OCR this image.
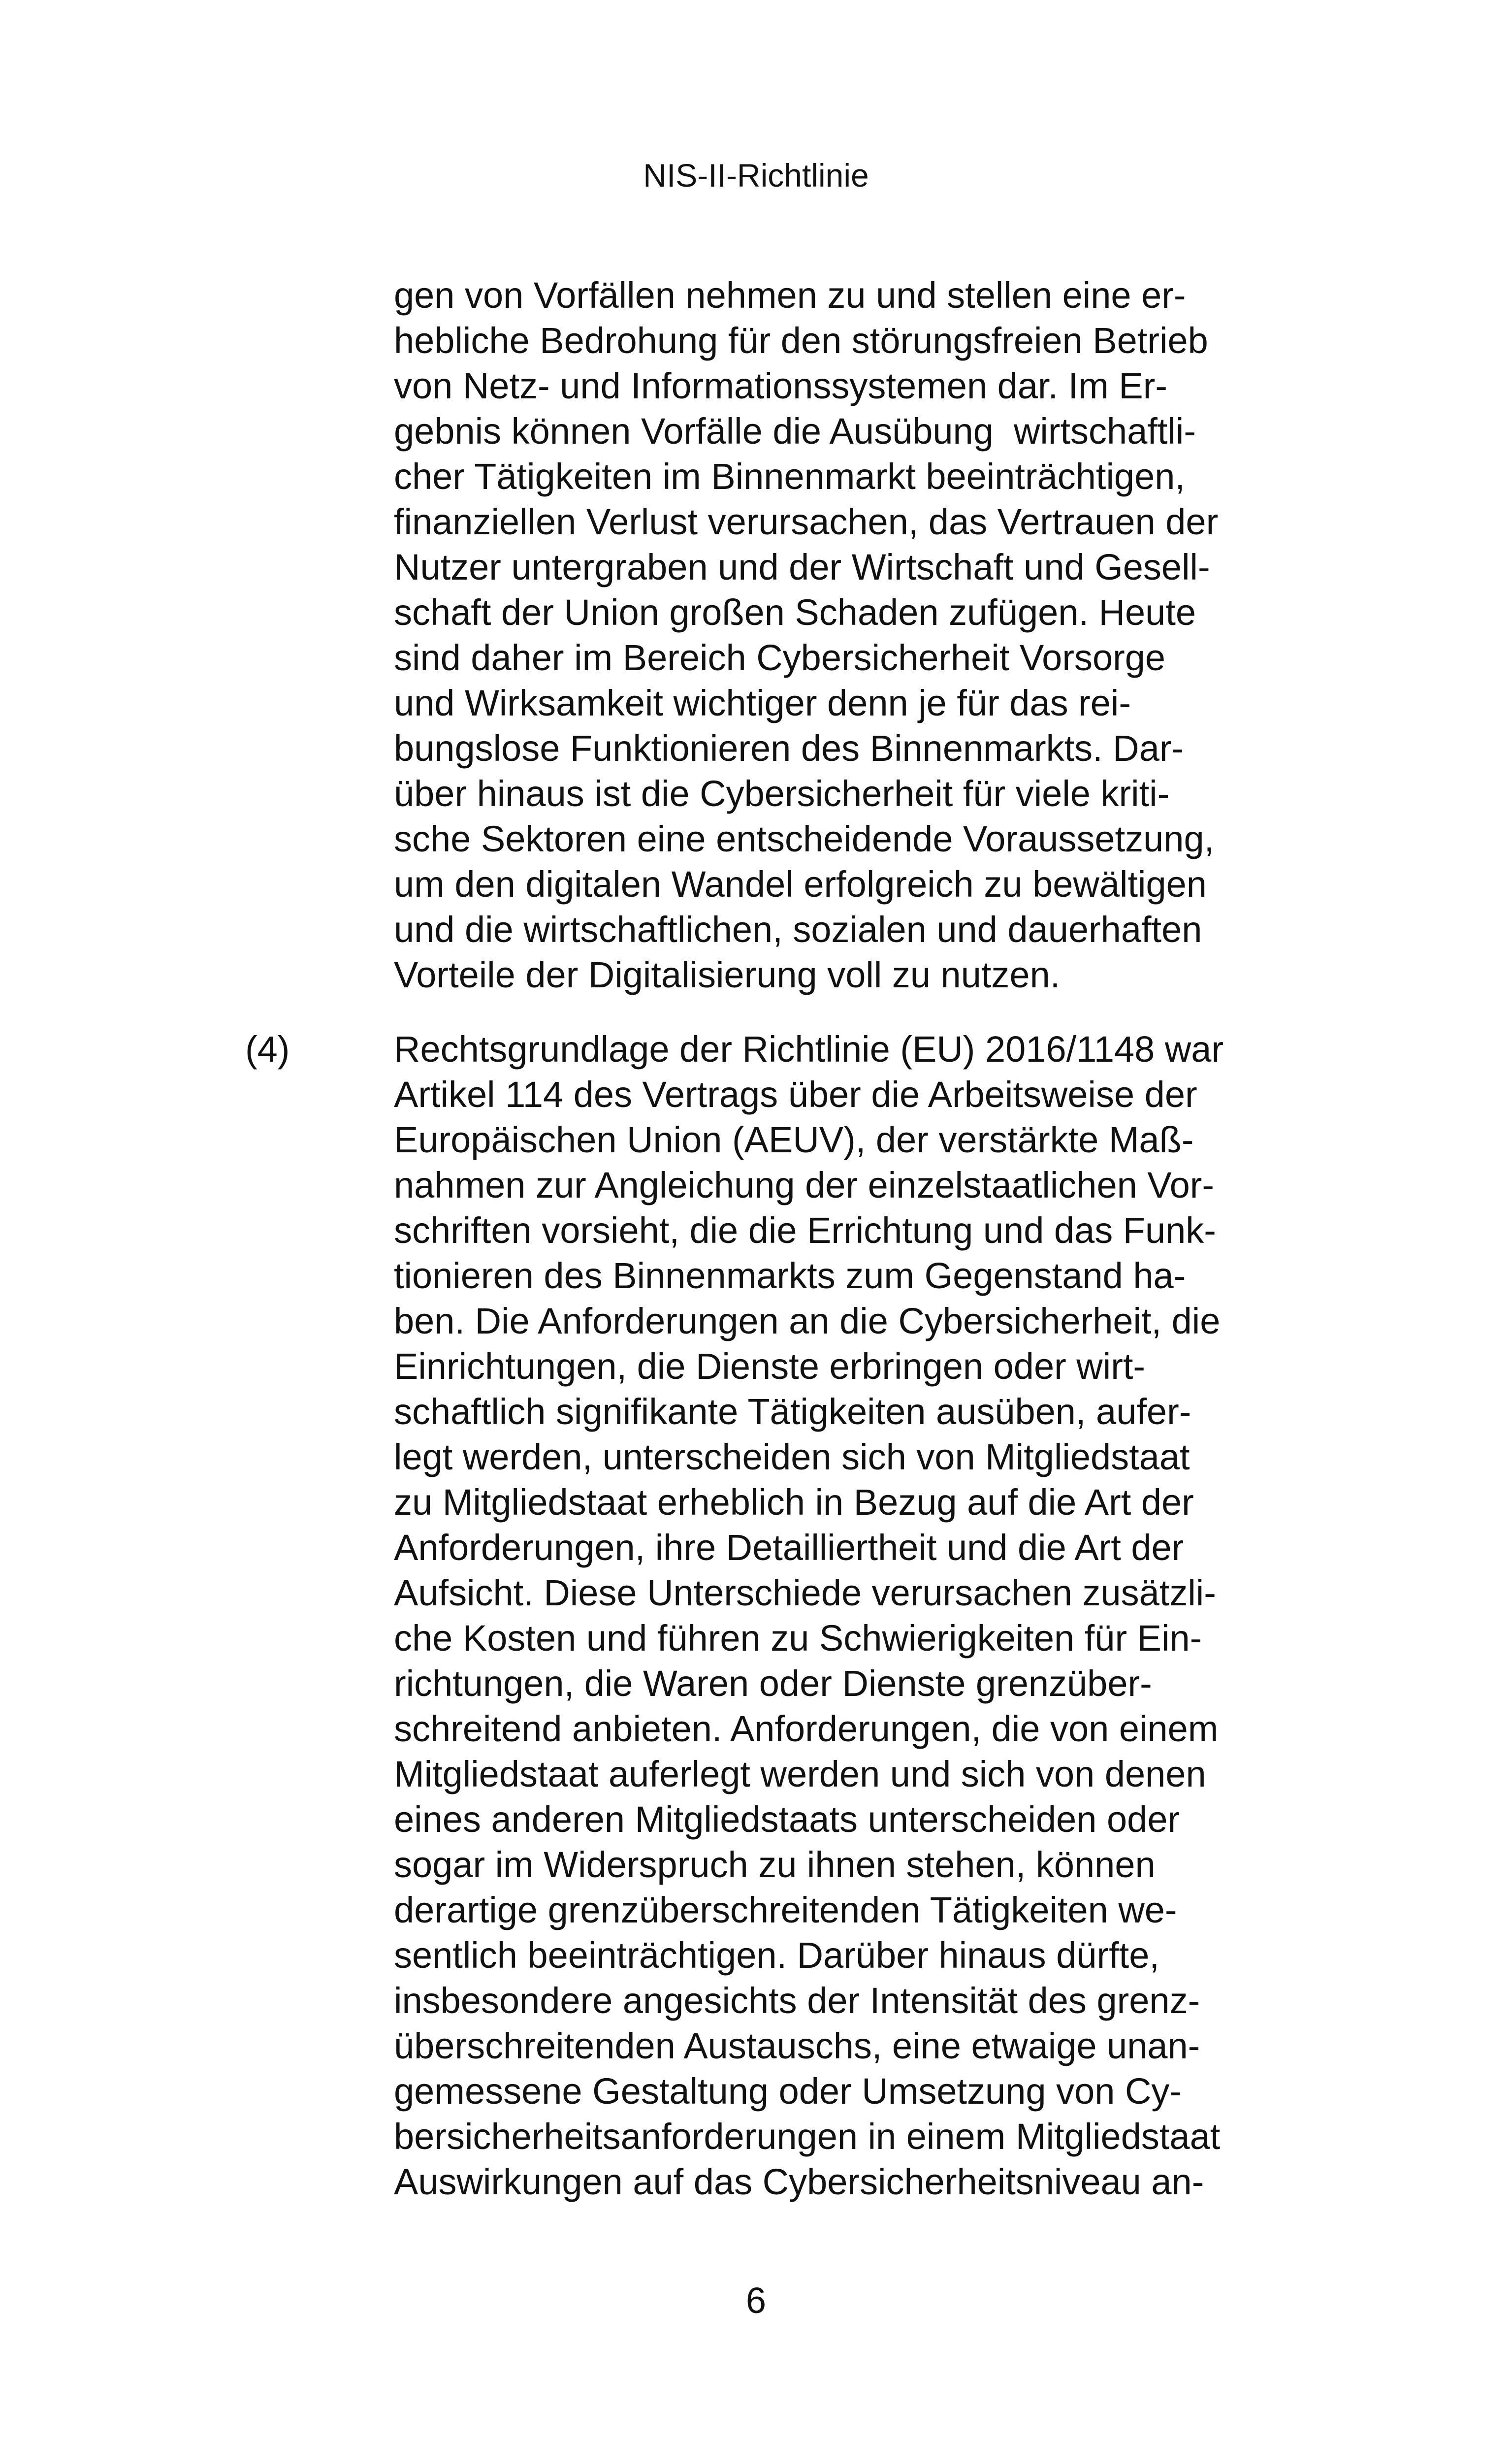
NIS-II-Richtlinie
gen von Vorfällen nehmen zu und stellen eine er-
hebliche Bedrohung für den störungsfreien Betrieb
von Netz- und Informationssystemen dar. Im Er-
gebnis können Vorfälle die Ausübung  wirtschaftli-
cher Tätigkeiten im Binnenmarkt beeinträchtigen,
finanziellen Verlust verursachen, das Vertrauen der
Nutzer untergraben und der Wirtschaft und Gesell-
schaft der Union großen Schaden zufügen. Heute
sind daher im Bereich Cybersicherheit Vorsorge
und Wirksamkeit wichtiger denn je für das rei-
bungslose Funktionieren des Binnenmarkts. Dar-
über hinaus ist die Cybersicherheit für viele kriti-
sche Sektoren eine entscheidende Voraussetzung,
um den digitalen Wandel erfolgreich zu bewältigen
und die wirtschaftlichen, sozialen und dauerhaften
Vorteile der Digitalisierung voll zu nutzen.
(4)	Rechtsgrundlage der Richtlinie (EU) 2016/1148 war
Artikel 114 des Vertrags über die Arbeitsweise der
Europäischen Union (AEUV), der verstärkte Maß-
nahmen zur Angleichung der einzelstaatlichen Vor-
schriften vorsieht, die die Errichtung und das Funk-
tionieren des Binnenmarkts zum Gegenstand ha-
ben. Die Anforderungen an die Cybersicherheit, die
Einrichtungen, die Dienste erbringen oder wirt-
schaftlich signifikante Tätigkeiten ausüben, aufer-
legt werden, unterscheiden sich von Mitgliedstaat
zu Mitgliedstaat erheblich in Bezug auf die Art der
Anforderungen, ihre Detailliertheit und die Art der
Aufsicht. Diese Unterschiede verursachen zusätzli-
che Kosten und führen zu Schwierigkeiten für Ein-
richtungen, die Waren oder Dienste grenzüber-
schreitend anbieten. Anforderungen, die von einem
Mitgliedstaat auferlegt werden und sich von denen
eines anderen Mitgliedstaats unterscheiden oder
sogar im Widerspruch zu ihnen stehen, können
derartige grenzüberschreitenden Tätigkeiten we-
sentlich beeinträchtigen. Darüber hinaus dürfte,
insbesondere angesichts der Intensität des grenz-
überschreitenden Austauschs, eine etwaige unan-
gemessene Gestaltung oder Umsetzung von Cy-
bersicherheitsanforderungen in einem Mitgliedstaat
Auswirkungen auf das Cybersicherheitsniveau an-
6
